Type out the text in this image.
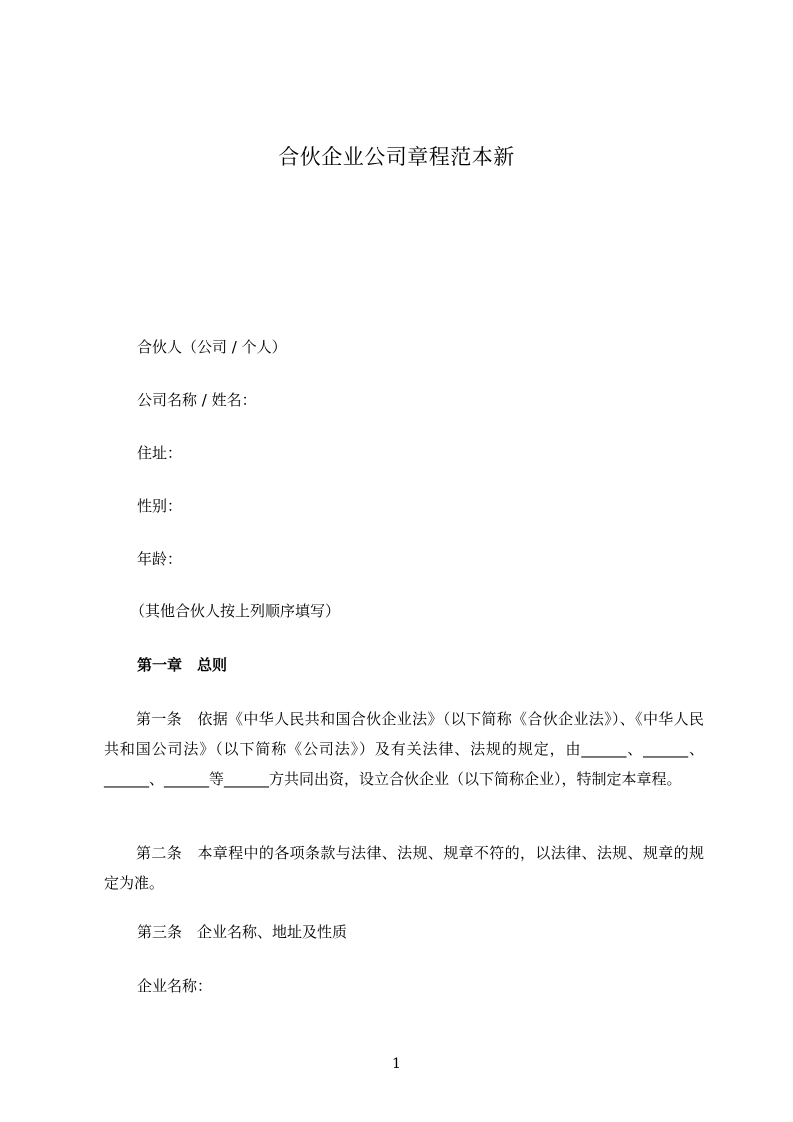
合伙企业公司章程范本新
合伙人（公司 / 个人）
公司名称 / 姓名：
住址：
性别：
年龄：
（其他合伙人按上列顺序填写）
第一章　总则
第一条　依据《中华人民共和国合伙企业法》（以下简称《合伙企业法》）、《中华人民共和国公司法》（以下简称《公司法》）及有关法律、法规的规定，由______、______、______、______等______方共同出资，设立合伙企业（以下简称企业），特制定本章程。
第二条　本章程中的各项条款与法律、法规、规章不符的，以法律、法规、规章的规定为准。
第三条　企业名称、地址及性质
企业名称：
1
